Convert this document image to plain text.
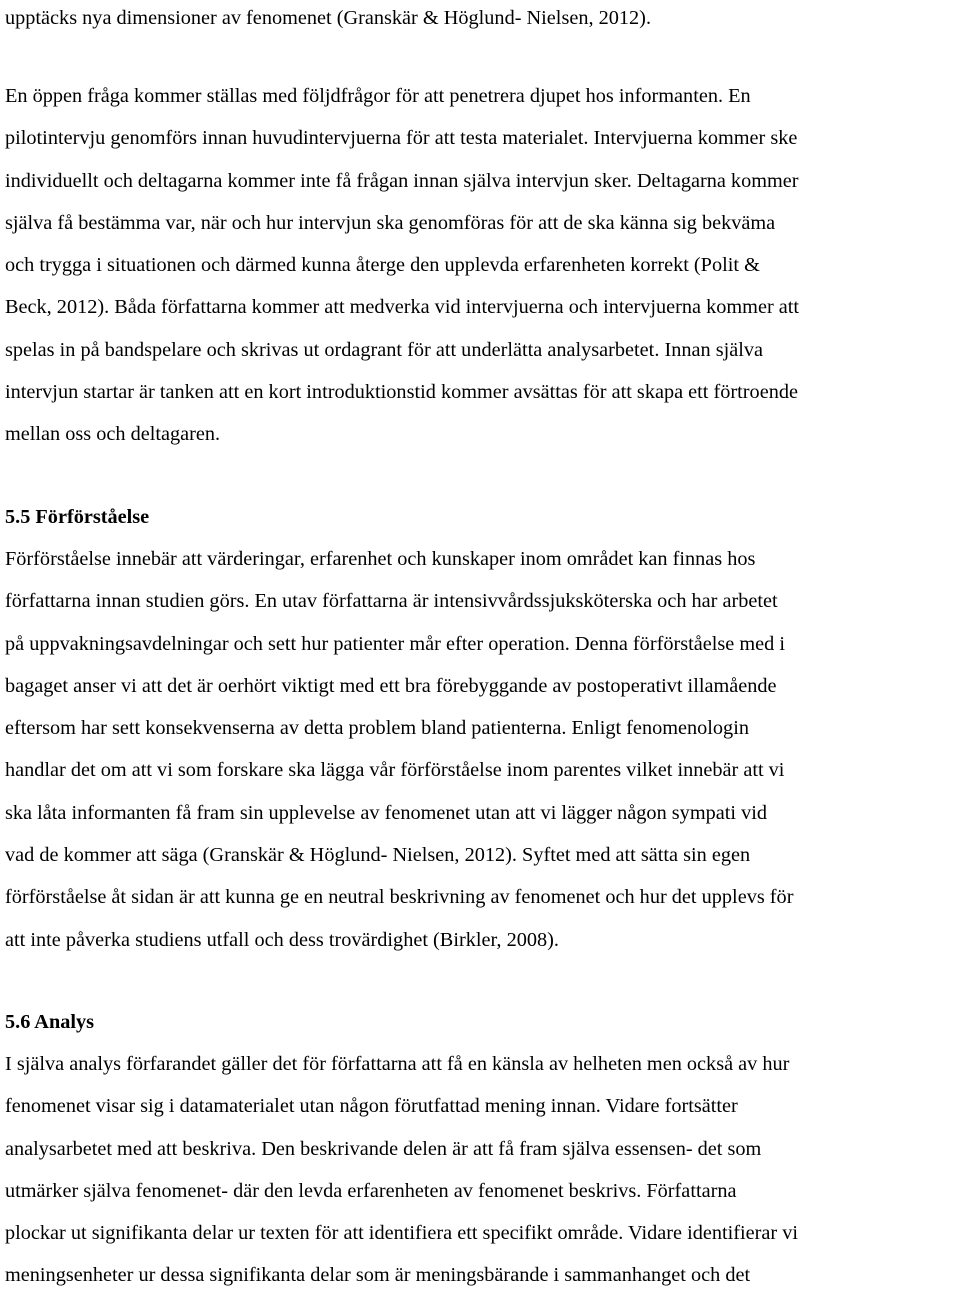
upptäcks nya dimensioner av fenomenet (Granskär & Höglund- Nielsen, 2012).
En öppen fråga kommer ställas med följdfrågor för att penetrera djupet hos informanten. En
pilotintervju genomförs innan huvudintervjuerna för att testa materialet. Intervjuerna kommer ske
individuellt och deltagarna kommer inte få frågan innan själva intervjun sker. Deltagarna kommer
själva få bestämma var, när och hur intervjun ska genomföras för att de ska känna sig bekväma
och trygga i situationen och därmed kunna återge den upplevda erfarenheten korrekt (Polit &
Beck, 2012). Båda författarna kommer att medverka vid intervjuerna och intervjuerna kommer att
spelas in på bandspelare och skrivas ut ordagrant för att underlätta analysarbetet. Innan själva
intervjun startar är tanken att en kort introduktionstid kommer avsättas för att skapa ett förtroende
mellan oss och deltagaren.
5.5 Förförståelse
Förförståelse innebär att värderingar, erfarenhet och kunskaper inom området kan finnas hos
författarna innan studien görs. En utav författarna är intensivvårdssjuksköterska och har arbetet
på uppvakningsavdelningar och sett hur patienter mår efter operation. Denna förförståelse med i
bagaget anser vi att det är oerhört viktigt med ett bra förebyggande av postoperativt illamående
eftersom har sett konsekvenserna av detta problem bland patienterna. Enligt fenomenologin
handlar det om att vi som forskare ska lägga vår förförståelse inom parentes vilket innebär att vi
ska låta informanten få fram sin upplevelse av fenomenet utan att vi lägger någon sympati vid
vad de kommer att säga (Granskär & Höglund- Nielsen, 2012). Syftet med att sätta sin egen
förförståelse åt sidan är att kunna ge en neutral beskrivning av fenomenet och hur det upplevs för
att inte påverka studiens utfall och dess trovärdighet (Birkler, 2008).
5.6 Analys
I själva analys förfarandet gäller det för författarna att få en känsla av helheten men också av hur
fenomenet visar sig i datamaterialet utan någon förutfattad mening innan. Vidare fortsätter
analysarbetet med att beskriva. Den beskrivande delen är att få fram själva essensen- det som
utmärker själva fenomenet- där den levda erfarenheten av fenomenet beskrivs. Författarna
plockar ut signifikanta delar ur texten för att identifiera ett specifikt område. Vidare identifierar vi
meningsenheter ur dessa signifikanta delar som är meningsbärande i sammanhanget och det
